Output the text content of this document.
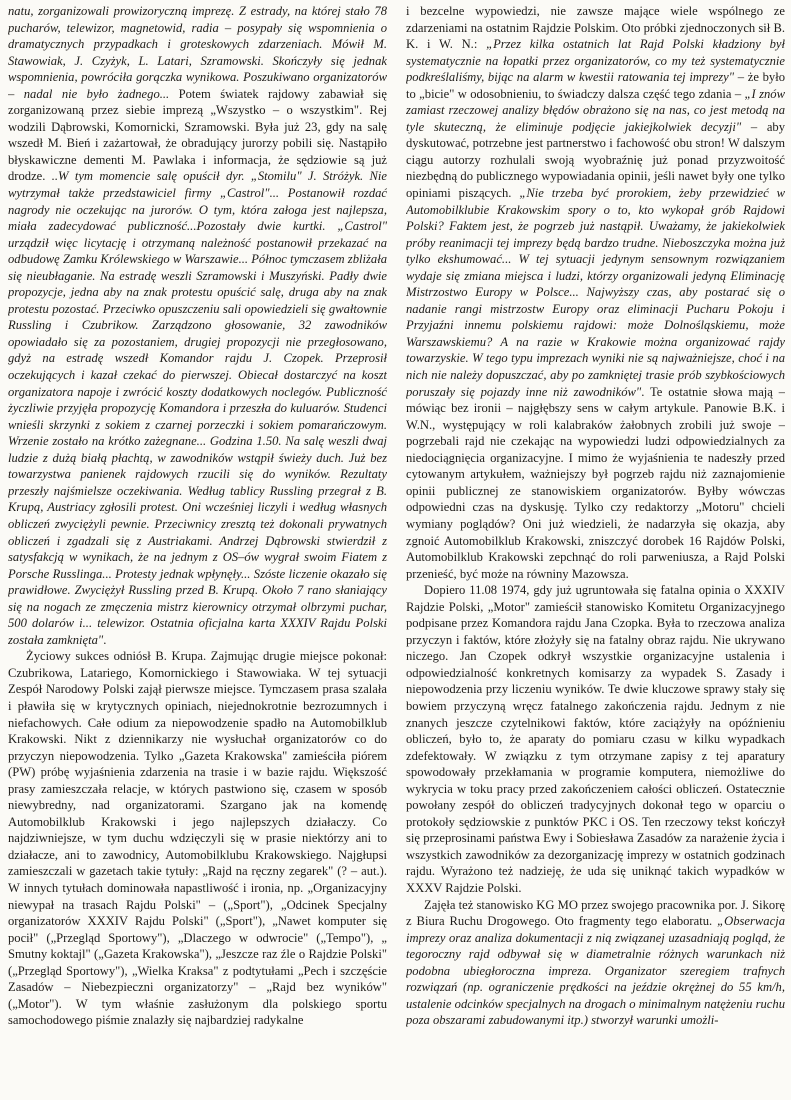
natu, zorganizowali prowizoryczną imprezę. Z estrady, na której stało 78 pucharów, telewizor, magnetowid, radia – posypały się wspomnienia o dramatycznych przypadkach i groteskowych zdarzeniach. Mówił M. Stawowiak, J. Czyżyk, L. Latari, Szramowski. Skończyły się jednak wspomnienia, powróciła gorączka wynikowa. Poszukiwano organizatorów – nadal nie było żadnego... Potem światek rajdowy zabawiał się zorganizowaną przez siebie imprezą „Wszystko – o wszystkim". Rej wodzili Dąbrowski, Komornicki, Szramowski. Była już 23, gdy na salę wszedł M. Bień i zażartował, że obradujący jurorzy pobili się. Nastąpiło błyskawiczne dementi M. Pawlaka i informacja, że sędziowie są już drodze. ..W tym momencie salę opuścił dyr. „Stomilu" J. Stróżyk. Nie wytrzymał także przedstawiciel firmy „Castrol"... Postanowił rozdać nagrody nie oczekując na jurorów. O tym, która załoga jest najlepsza, miała zadecydować publiczność...Pozostały dwie kurtki. „Castrol" urządził więc licytację i otrzymaną należność postanowił przekazać na odbudowę Zamku Królewskiego w Warszawie... Północ tymczasem zbliżała się nieubłaganie. Na estradę weszli Szramowski i Muszyński. Padły dwie propozycje, jedna aby na znak protestu opuścić salę, druga aby na znak protestu pozostać. Przeciwko opuszczeniu sali opowiedzieli się gwałtownie Russling i Czubrikow. Zarządzono głosowanie, 32 zawodników opowiadało się za pozostaniem, drugiej propozycji nie przegłosowano, gdyż na estradę wszedł Komandor rajdu J. Czopek. Przeprosił oczekujących i kazał czekać do pierwszej. Obiecał dostarczyć na koszt organizatora napoje i zwrócić koszty dodatkowych noclegów. Publiczność życzliwie przyjęła propozycję Komandora i przeszła do kuluarów. Studenci wnieśli skrzynki z sokiem z czarnej porzeczki i sokiem pomarańczowym. Wrzenie zostało na krótko zażegnane... Godzina 1.50. Na salę weszli dwaj ludzie z dużą białą płachtą, w zawodników wstąpił świeży duch. Już bez towarzystwa panienek rajdowych rzucili się do wyników. Rezultaty przeszły najśmielsze oczekiwania. Według tablicy Russling przegrał z B. Krupą, Austriacy zgłosili protest. Oni wcześniej liczyli i według własnych obliczeń zwyciężyli pewnie. Przeciwnicy zresztą też dokonali prywatnych obliczeń i zgadzali się z Austriakami. Andrzej Dąbrowski stwierdził z satysfakcją w wynikach, że na jednym z OS–ów wygrał swoim Fiatem z Porsche Russlinga... Protesty jednak wpłynęły... Szóste liczenie okazało się prawidłowe. Zwyciężył Russling przed B. Krupą. Około 7 rano słaniający się na nogach ze zmęczenia mistrz kierownicy otrzymał olbrzymi puchar, 500 dolarów i... telewizor. Ostatnia oficjalna karta XXXIV Rajdu Polski została zamknięta".

Życiowy sukces odniósł B. Krupa. Zajmując drugie miejsce pokonał: Czubrikowa, Latariego, Komornickiego i Stawowiaka. W tej sytuacji Zespół Narodowy Polski zajął pierwsze miejsce. Tymczasem prasa szalała i pławiła się w krytycznych opiniach, niejednokrotnie bezrozumnych i niefachowych. Całe odium za niepowodzenie spadło na Automobilklub Krakowski. Nikt z dziennikarzy nie wysłuchał organizatorów co do przyczyn niepowodzenia. Tylko „Gazeta Krakowska" zamieściła piórem (PW) próbę wyjaśnienia zdarzenia na trasie i w bazie rajdu. Większość prasy zamieszczała relacje, w których pastwiono się, czasem w sposób niewybredny, nad organizatorami. Szargano jak na komendę Automobilklub Krakowski i jego najlepszych działaczy. Co najdziwniejsze, w tym duchu wdzięczyli się w prasie niektórzy ani to działacze, ani to zawodnicy, Automobilklubu Krakowskiego. Najgłupsi zamieszczali w gazetach takie tytuły: „Rajd na ręczny zegarek" (? – aut.). W innych tytułach dominowała napastliwość i ironia, np. „Organizacyjny niewypał na trasach Rajdu Polski" – („Sport"), „Odcinek Specjalny organizatorów XXXIV Rajdu Polski" („Sport"), „Nawet komputer się pocił" („Przegląd Sportowy"), „Dlaczego w odwrocie" („Tempo"), „ Smutny koktajl" („Gazeta Krakowska"), „Jeszcze raz źle o Rajdzie Polski" („Przegląd Sportowy"), „Wielka Kraksa" z podtytułami „Pech i szczęście Zasadów – Niebezpieczni organizatorzy" – „Rajd bez wyników" („Motor"). W tym właśnie zasłużonym dla polskiego sportu samochodowego piśmie znalazły się najbardziej radykalne

i bezcelne wypowiedzi, nie zawsze mające wiele wspólnego ze zdarzeniami na ostatnim Rajdzie Polskim. Oto próbki zjednoczonych sił B. K. i W. N.: „Przez kilka ostatnich lat Rajd Polski kładziony był systematycznie na łopatki przez organizatorów, co my też systematycznie podkreślaliśmy, bijąc na alarm w kwestii ratowania tej imprezy" – że było to „bicie" w odosobnieniu, to świadczy dalsza część tego zdania – „I znów zamiast rzeczowej analizy błędów obrażono się na nas, co jest metodą na tyle skuteczną, że eliminuje podjęcie jakiejkolwiek decyzji" – aby dyskutować, potrzebne jest partnerstwo i fachowość obu stron! W dalszym ciągu autorzy rozhulali swoją wyobraźnię już ponad przyzwoitość niezbędną do publicznego wypowiadania opinii, jeśli nawet były one tylko opiniami piszących. „Nie trzeba być prorokiem, żeby przewidzieć w Automobilklubie Krakowskim spory o to, kto wykopał grób Rajdowi Polski? Faktem jest, że pogrzeb już nastąpił. Uważamy, że jakiekolwiek próby reanimacji tej imprezy będą bardzo trudne. Nieboszczyka można już tylko ekshumować... W tej sytuacji jedynym sensownym rozwiązaniem wydaje się zmiana miejsca i ludzi, którzy organizowali jedyną Eliminację Mistrzostwo Europy w Polsce... Najwyższy czas, aby postarać się o nadanie rangi mistrzostw Europy oraz eliminacji Pucharu Pokoju i Przyjaźni innemu polskiemu rajdowi: może Dolnośląskiemu, może Warszawskiemu? A na razie w Krakowie można organizować rajdy towarzyskie. W tego typu imprezach wyniki nie są najważniejsze, choć i na nich nie należy dopuszczać, aby po zamkniętej trasie prób szybkościowych poruszały się pojazdy inne niż zawodników". Te ostatnie słowa mają – mówiąc bez ironii – najgłębszy sens w całym artykule. Panowie B.K. i W.N., występujący w roli kalabraków żałobnych zrobili już swoje – pogrzebali rajd nie czekając na wypowiedzi ludzi odpowiedzialnych za niedociągnięcia organizacyjne. I mimo że wyjaśnienia te nadeszły przed cytowanym artykułem, ważniejszy był pogrzeb rajdu niż zaznajomienie opinii publicznej ze stanowiskiem organizatorów. Byłby wówczas odpowiedni czas na dyskusję. Tylko czy redaktorzy „Motoru" chcieli wymiany poglądów? Oni już wiedzieli, że nadarzyła się okazja, aby zgnoić Automobilklub Krakowski, zniszczyć dorobek 16 Rajdów Polski, Automobilklub Krakowski zepchnąć do roli parweniusza, a Rajd Polski przenieść, być może na równiny Mazowsza.

Dopiero 11.08 1974, gdy już ugruntowała się fatalna opinia o XXXIV Rajdzie Polski, „Motor" zamieścił stanowisko Komitetu Organizacyjnego podpisane przez Komandora rajdu Jana Czopka. Była to rzeczowa analiza przyczyn i faktów, które złożyły się na fatalny obraz rajdu. Nie ukrywano niczego. Jan Czopek odkrył wszystkie organizacyjne ustalenia i odpowiedzialność konkretnych komisarzy za wypadek S. Zasady i niepowodzenia przy liczeniu wyników. Te dwie kluczowe sprawy stały się bowiem przyczyną wręcz fatalnego zakończenia rajdu. Jednym z nie znanych jeszcze czytelnikowi faktów, które zaciążyły na opóźnieniu obliczeń, było to, że aparaty do pomiaru czasu w kilku wypadkach zdefektowały. W związku z tym otrzymane zapisy z tej aparatury spowodowały przekłamania w programie komputera, niemożliwe do wykrycia w toku pracy przed zakończeniem całości obliczeń. Ostatecznie powołany zespół do obliczeń tradycyjnych dokonał tego w oparciu o protokoły sędziowskie z punktów PKC i OS. Ten rzeczowy tekst kończył się przeprosinami państwa Ewy i Sobiesława Zasadów za narażenie życia i wszystkich zawodników za dezorganizację imprezy w ostatnich godzinach rajdu. Wyrażono też nadzieję, że uda się uniknąć takich wypadków w XXXV Rajdzie Polski.

Zajęła też stanowisko KG MO przez swojego pracownika por. J. Sikorę z Biura Ruchu Drogowego. Oto fragmenty tego elaboratu. „Obserwacja imprezy oraz analiza dokumentacji z nią związanej uzasadniają pogląd, że tegoroczny rajd odbywał się w diametralnie różnych warunkach niż podobna ubiegłoroczna impreza. Organizator szeregiem trafnych rozwiązań (np. ograniczenie prędkości na jeździe okrężnej do 55 km/h, ustalenie odcinków specjalnych na drogach o minimalnym natężeniu ruchu poza obszarami zabudowanymi itp.) stworzył warunki umożli-
